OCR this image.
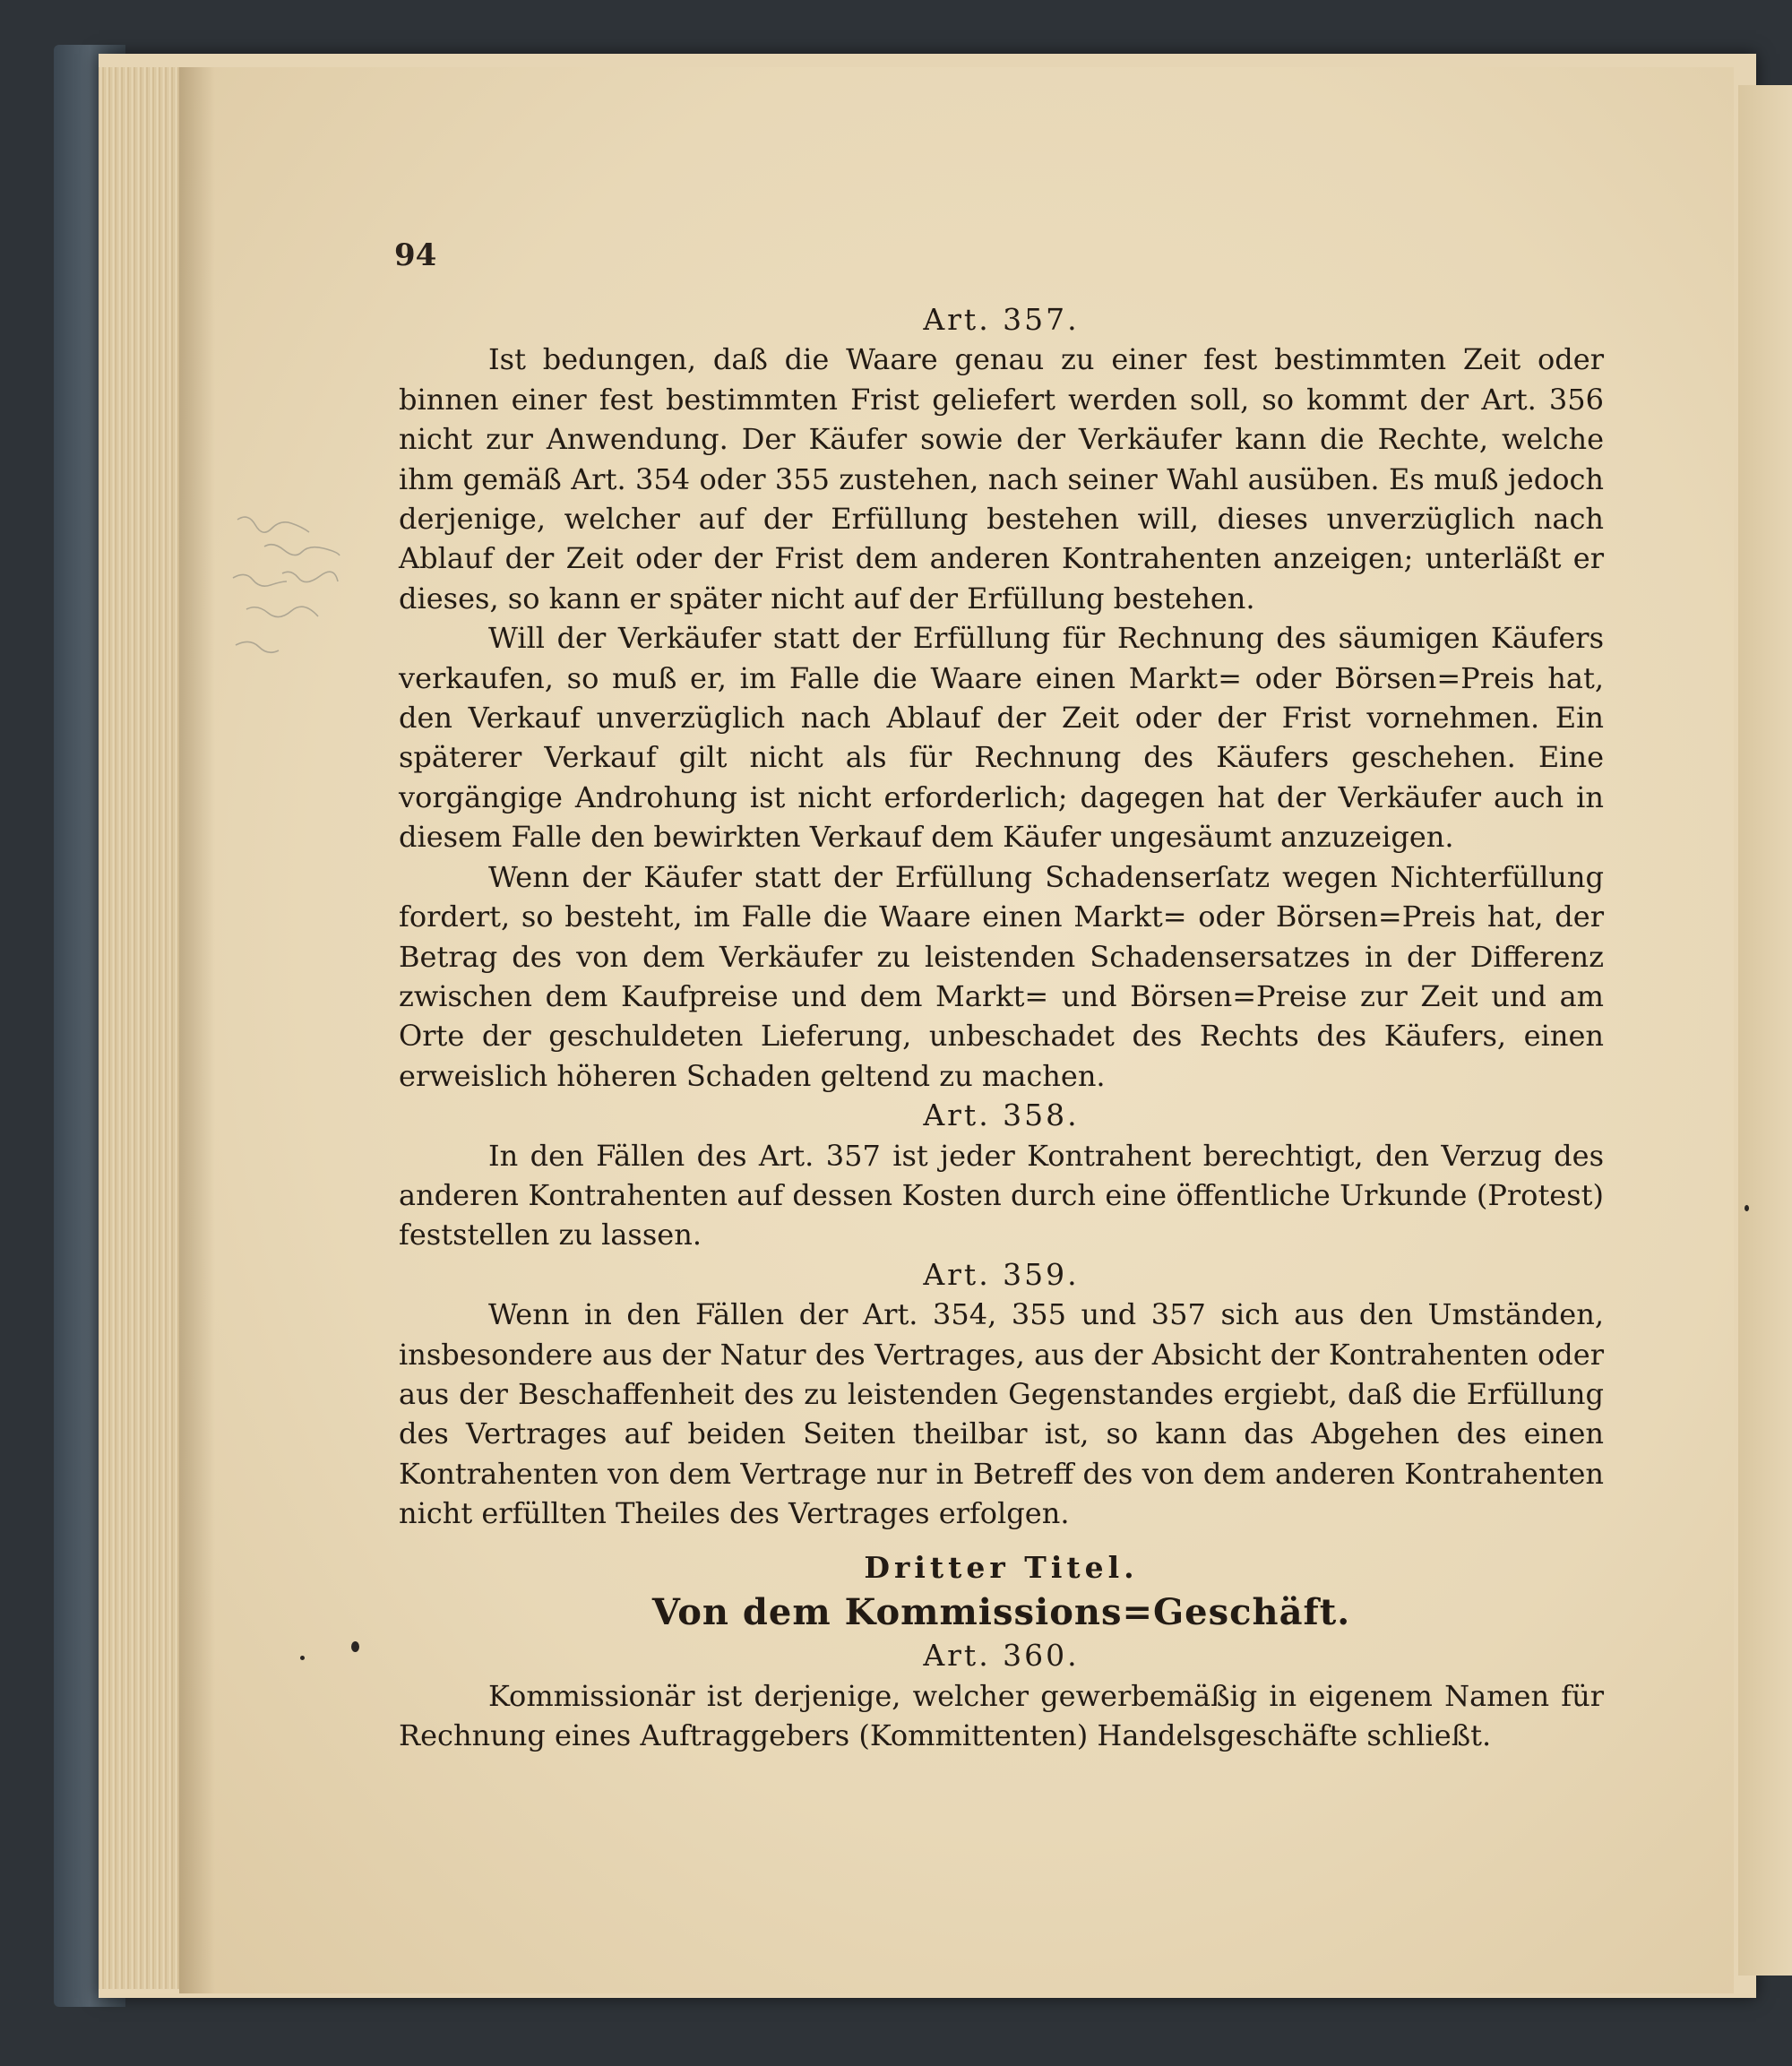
94

Art. 357.

Ist bedungen, daß die Waare genau zu einer fest bestimmten Zeit oder binnen einer fest bestimmten Frist geliefert werden soll, so kommt der Art. 356 nicht zur Anwendung. Der Käufer sowie der Verkäufer kann die Rechte, welche ihm gemäß Art. 354 oder 355 zustehen, nach seiner Wahl ausüben. Es muß jedoch derjenige, welcher auf der Erfüllung bestehen will, dieses unverzüglich nach Ablauf der Zeit oder der Frist dem anderen Kontrahenten anzeigen; unterläßt er dieses, so kann er später nicht auf der Erfüllung bestehen.

Will der Verkäufer statt der Erfüllung für Rechnung des säumigen Käufers verkaufen, so muß er, im Falle die Waare einen Markt= oder Börsen=Preis hat, den Verkauf unverzüglich nach Ablauf der Zeit oder der Frist vornehmen. Ein späterer Verkauf gilt nicht als für Rechnung des Käufers geschehen. Eine vorgängige Androhung ist nicht erforderlich; dagegen hat der Verkäufer auch in diesem Falle den bewirkten Verkauf dem Käufer ungesäumt anzuzeigen.

Wenn der Käufer statt der Erfüllung Schadenserſatz wegen Nichterfüllung fordert, so besteht, im Falle die Waare einen Markt= oder Börsen=Preis hat, der Betrag des von dem Verkäufer zu leistenden Schadensersatzes in der Differenz zwischen dem Kaufpreise und dem Markt= und Börsen=Preise zur Zeit und am Orte der geschuldeten Lieferung, unbeschadet des Rechts des Käufers, einen erweislich höheren Schaden geltend zu machen.

Art. 358.

In den Fällen des Art. 357 ist jeder Kontrahent berechtigt, den Verzug des anderen Kontrahenten auf dessen Kosten durch eine öffentliche Urkunde (Protest) feststellen zu lassen.

Art. 359.

Wenn in den Fällen der Art. 354, 355 und 357 sich aus den Umständen, insbesondere aus der Natur des Vertrages, aus der Absicht der Kontrahenten oder aus der Beschaffenheit des zu leistenden Gegenstandes ergiebt, daß die Erfüllung des Vertrages auf beiden Seiten theilbar ist, so kann das Abgehen des einen Kontrahenten von dem Vertrage nur in Betreff des von dem anderen Kontrahenten nicht erfüllten Theiles des Vertrages erfolgen.

Dritter Titel.

Von dem Kommissions=Geschäft.

Art. 360.

Kommissionär ist derjenige, welcher gewerbemäßig in eigenem Namen für Rechnung eines Auftraggebers (Kommittenten) Handelsgeschäfte schließt.
